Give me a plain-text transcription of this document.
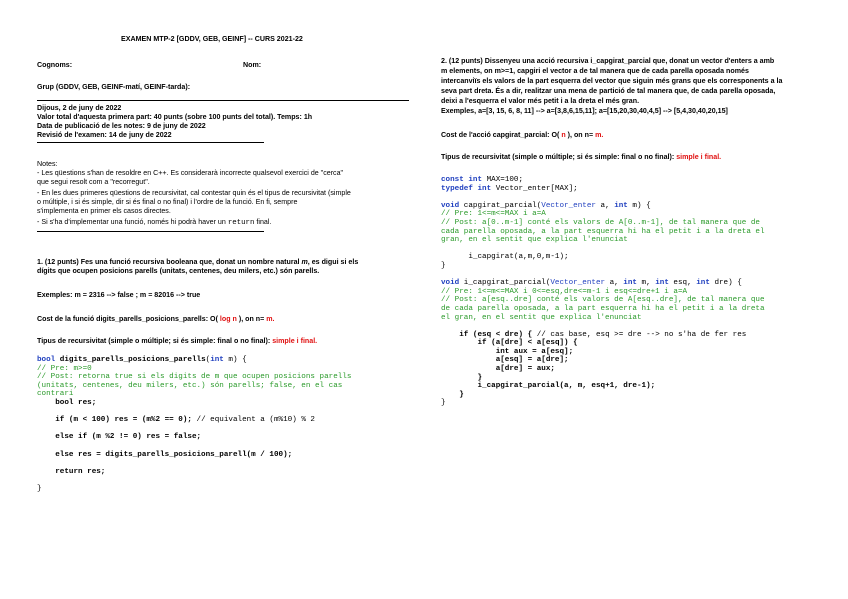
EXAMEN MTP-2 [GDDV, GEB, GEINF] -- CURS 2021-22
Cognoms:	Nom:
Grup (GDDV, GEB, GEINF-matí, GEINF-tarda):
Dijous, 2 de juny de 2022
Valor total d'aquesta primera part: 40 punts (sobre 100 punts del total). Temps: 1h
Data de publicació de les notes: 9 de juny de 2022
Revisió de l'examen: 14 de juny de 2022
Notes:
- Les qüestions s'han de resoldre en C++. Es considerarà incorrecte qualsevol exercici de "cerca"
que segui resolt com a "recorregut".
- En les dues primeres qüestions de recursivitat, cal contestar quin és el tipus de recursivitat (simple
o múltiple, i si és simple, dir si és final o no final) i l'ordre de la funció. En fi, sempre
s'implementa en primer els casos directes.
- Si s'ha d'implementar una funció, només hi podrà haver un return final.
1. (12 punts) Fes una funció recursiva booleana que, donat un nombre natural m, es digui si els
dígits que ocupen posicions parells (unitats, centenes, deu milers, etc.) són parells.
Exemples: m = 2316 --> false ; m = 82016 --> true
Cost de la funció digits_parells_posicions_parells: O( log n ), on n= m.
Tipus de recursivitat (simple o múltiple; si és simple: final o no final): simple i final.
bool digits_parells_posicions_parells(int m) {
// Pre: m>=0
// Post: retorna true si els digits de m que ocupen posicions parells
(unitats, centenes, deu milers, etc.) són parells; false, en el cas
contrari
bool res;

if (m < 100) res = (m%2 == 0); // equivalent a (m%10) % 2

else if (m %2 != 0) res = false;

else res = digits_parells_posicions_parell(m / 100);

return res;

}
2. (12 punts) Dissenyeu una acció recursiva i_capgirat_parcial que, donat un vector d'enters a amb
m elements, on m>=1, capgiri el vector a de tal manera que de cada parella oposada només
intercanviïs els valors de la part esquerra del vector que siguin més grans que els corresponents a la
seva part dreta. És a dir, realitzar una mena de partició de tal manera que, de cada parella oposada,
deixi a l'esquerra el valor més petit i a la dreta el més gran.
Exemples, a=[3, 15, 6, 8, 11] --> a=[3,8,6,15,11]; a=[15,20,30,40,4,5] --> [5,4,30,40,20,15]
Cost de l'acció capgirat_parcial: O( n ), on n= m.
Tipus de recursivitat (simple o múltiple; si és simple: final o no final): simple i final.
const int MAX=100;
typedef int Vector_enter[MAX];

void capgirat_parcial(Vector_enter a, int m) {
// Pre: 1<=m<=MAX i a=A
// Post: a[0..m-1] conté els valors de A[0..m-1], de tal manera que de
cada parella oposada, a la part esquerra hi ha el petit i a la dreta el
gran, en el sentit que explica l'enunciat

i_capgirat(a,m,0,m-1);
}

void i_capgirat_parcial(Vector_enter a, int m, int esq, int dre) {
// Pre: 1<=m<=MAX i 0<=esq,dre<=m-1 i esq<=dre+1 i a=A
// Post: a[esq..dre] conté els valors de A[esq..dre], de tal manera que
de cada parella oposada, a la part esquerra hi ha el petit i a la dreta
el gran, en el sentit que explica l'enunciat

if (esq < dre) { // cas base, esq >= dre --> no s'ha de fer res
if (a[dre] < a[esq]) {
int aux = a[esq];
a[esq] = a[dre];
a[dre] = aux;
}
i_capgirat_parcial(a, m, esq+1, dre-1);
}
}
